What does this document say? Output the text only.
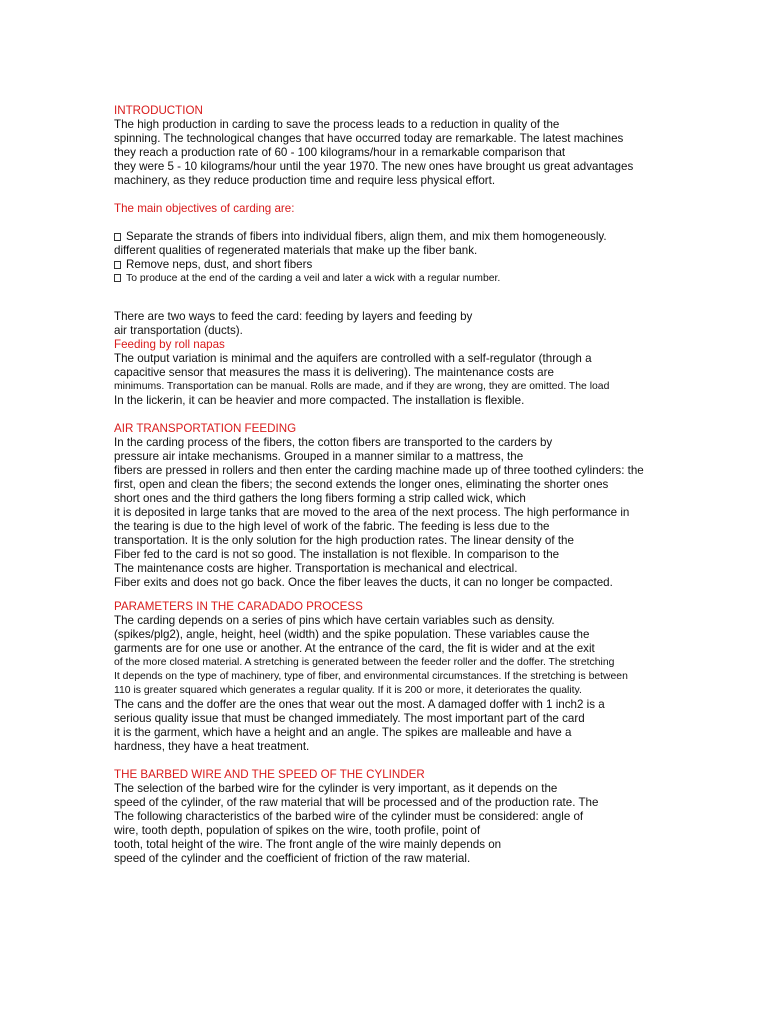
INTRODUCTION
The high production in carding to save the process leads to a reduction in quality of the
spinning. The technological changes that have occurred today are remarkable. The latest machines
they reach a production rate of 60 - 100 kilograms/hour in a remarkable comparison that
they were 5 - 10 kilograms/hour until the year 1970. The new ones have brought us great advantages
machinery, as they reduce production time and require less physical effort.
The main objectives of carding are:
Separate the strands of fibers into individual fibers, align them, and mix them homogeneously.
different qualities of regenerated materials that make up the fiber bank.
Remove neps, dust, and short fibers
To produce at the end of the carding a veil and later a wick with a regular number.
There are two ways to feed the card: feeding by layers and feeding by
air transportation (ducts).
Feeding by roll napas
The output variation is minimal and the aquifers are controlled with a self-regulator (through a
capacitive sensor that measures the mass it is delivering). The maintenance costs are
minimums. Transportation can be manual. Rolls are made, and if they are wrong, they are omitted. The load
In the lickerin, it can be heavier and more compacted. The installation is flexible.
AIR TRANSPORTATION FEEDING
In the carding process of the fibers, the cotton fibers are transported to the carders by
pressure air intake mechanisms. Grouped in a manner similar to a mattress, the
fibers are pressed in rollers and then enter the carding machine made up of three toothed cylinders: the
first, open and clean the fibers; the second extends the longer ones, eliminating the shorter ones
short ones and the third gathers the long fibers forming a strip called wick, which
it is deposited in large tanks that are moved to the area of the next process. The high performance in
the tearing is due to the high level of work of the fabric. The feeding is less due to the
transportation. It is the only solution for the high production rates. The linear density of the
Fiber fed to the card is not so good. The installation is not flexible. In comparison to the
The maintenance costs are higher. Transportation is mechanical and electrical.
Fiber exits and does not go back. Once the fiber leaves the ducts, it can no longer be compacted.
PARAMETERS IN THE CARADADO PROCESS
The carding depends on a series of pins which have certain variables such as density.
(spikes/plg2), angle, height, heel (width) and the spike population. These variables cause the
garments are for one use or another. At the entrance of the card, the fit is wider and at the exit
of the more closed material. A stretching is generated between the feeder roller and the doffer. The stretching
It depends on the type of machinery, type of fiber, and environmental circumstances. If the stretching is between
110 is greater squared which generates a regular quality. If it is 200 or more, it deteriorates the quality.
The cans and the doffer are the ones that wear out the most. A damaged doffer with 1 inch2 is a
serious quality issue that must be changed immediately. The most important part of the card
it is the garment, which have a height and an angle. The spikes are malleable and have a
hardness, they have a heat treatment.
THE BARBED WIRE AND THE SPEED OF THE CYLINDER
The selection of the barbed wire for the cylinder is very important, as it depends on the
speed of the cylinder, of the raw material that will be processed and of the production rate. The
The following characteristics of the barbed wire of the cylinder must be considered: angle of
wire, tooth depth, population of spikes on the wire, tooth profile, point of
tooth, total height of the wire. The front angle of the wire mainly depends on
speed of the cylinder and the coefficient of friction of the raw material.
